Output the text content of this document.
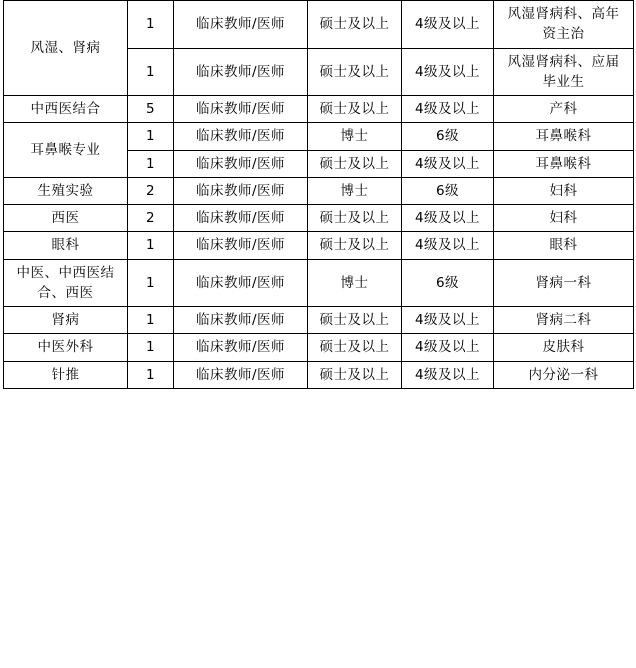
风湿、肾病	1	临床教师/医师	硕士及以上	4级及以上	风湿肾病科、高年资主治

	1	临床教师/医师	硕士及以上	4级及以上	风湿肾病科、应届毕业生

中西医结合	5	临床教师/医师	硕士及以上	4级及以上	产科
耳鼻喉专业	1	临床教师/医师	博士	6级	耳鼻喉科
	1	临床教师/医师	硕士及以上	4级及以上	耳鼻喉科
生殖实验	2	临床教师/医师	博士	6级	妇科
西医	2	临床教师/医师	硕士及以上	4级及以上	妇科
眼科	1	临床教师/医师	硕士及以上	4级及以上	眼科

中医、中西医结合、西医	1	临床教师/医师	博士	6级	肾病一科
肾病	1	临床教师/医师	硕士及以上	4级及以上	肾病二科
中医外科	1	临床教师/医师	硕士及以上	4级及以上	皮肤科
针推	1	临床教师/医师	硕士及以上	4级及以上	内分泌一科
